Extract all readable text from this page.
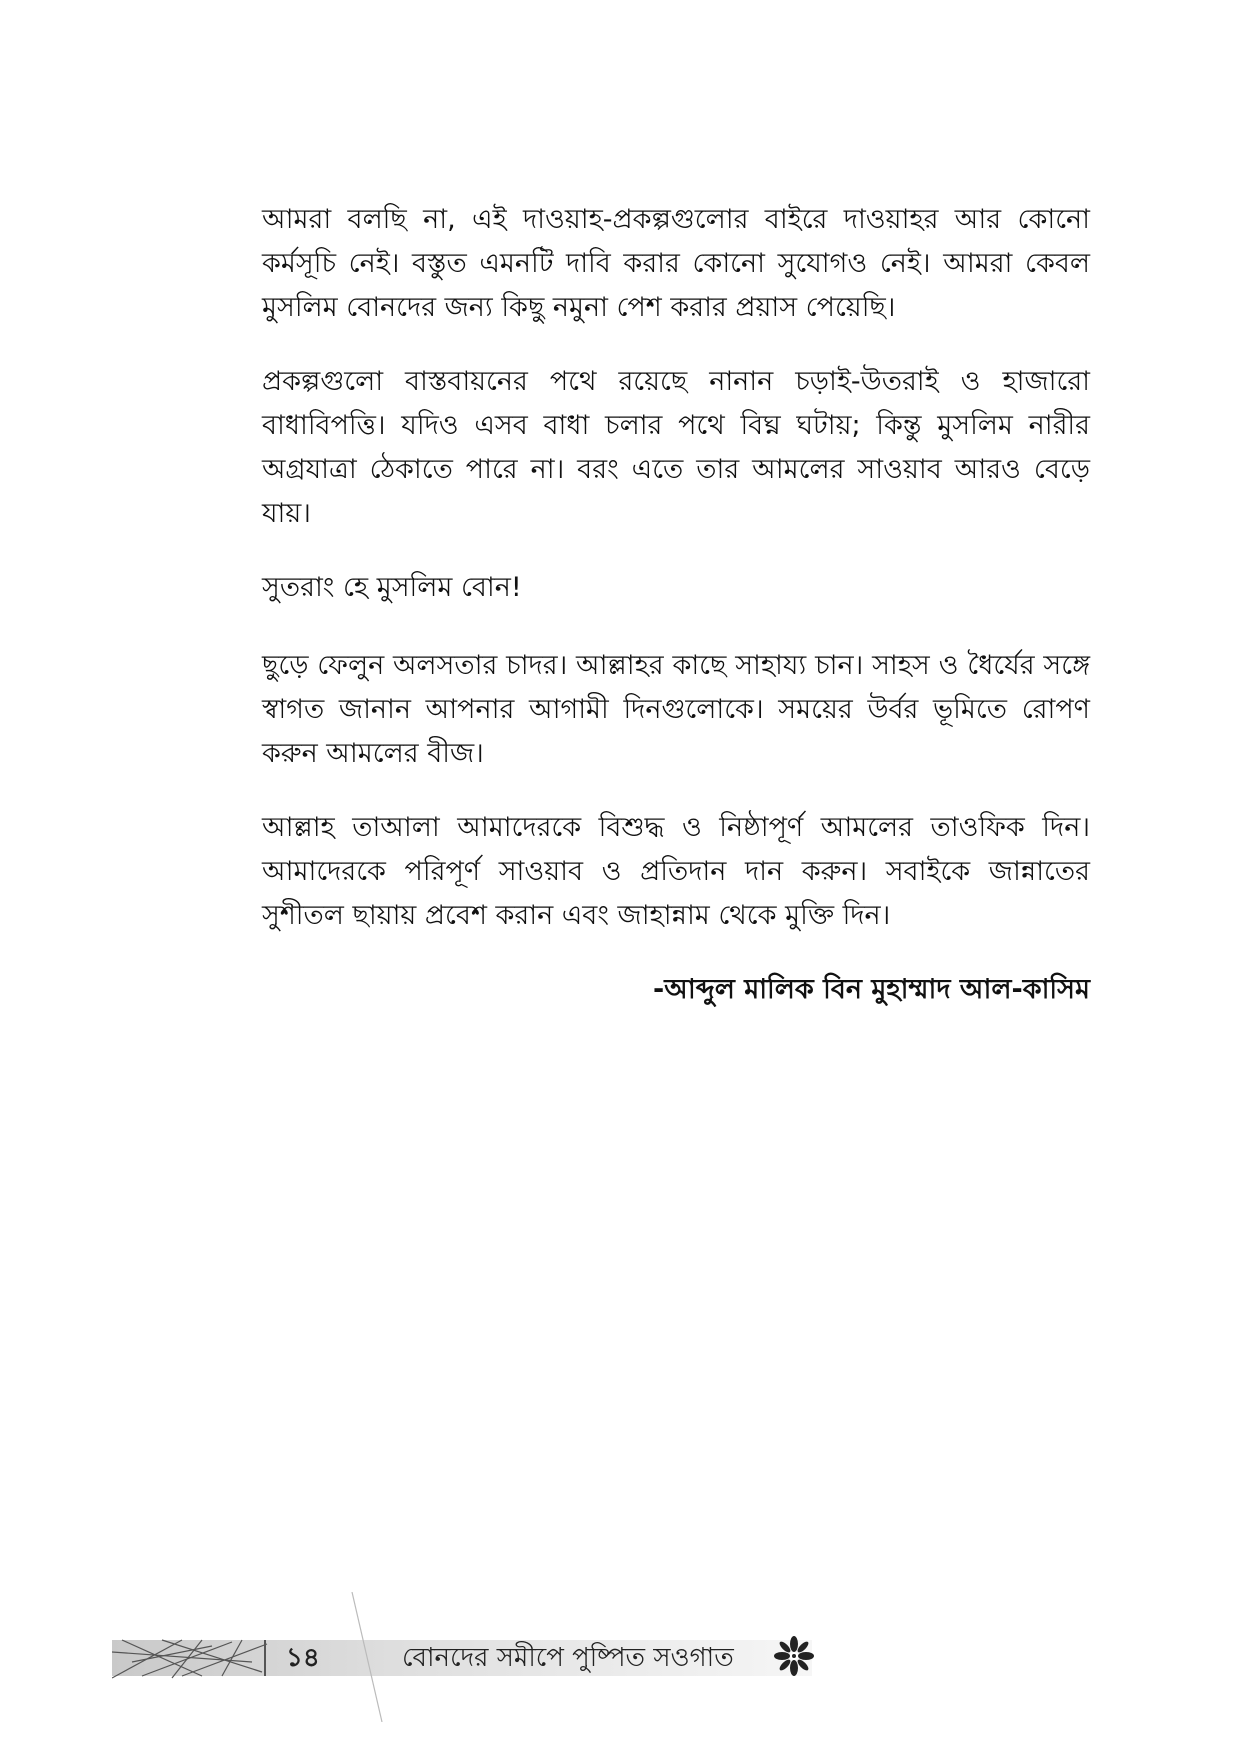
আমরা বলছি না, এই দাওয়াহ-প্রকল্পগুলোর বাইরে দাওয়াহর আর কোনো কর্মসূচি নেই। বস্তুত এমনটি দাবি করার কোনো সুযোগও নেই। আমরা কেবল মুসলিম বোনদের জন্য কিছু নমুনা পেশ করার প্রয়াস পেয়েছি।

প্রকল্পগুলো বাস্তবায়নের পথে রয়েছে নানান চড়াই-উতরাই ও হাজারো বাধাবিপত্তি। যদিও এসব বাধা চলার পথে বিঘ্ন ঘটায়; কিন্তু মুসলিম নারীর অগ্রযাত্রা ঠেকাতে পারে না। বরং এতে তার আমলের সাওয়াব আরও বেড়ে যায়।

সুতরাং হে মুসলিম বোন!

ছুড়ে ফেলুন অলসতার চাদর। আল্লাহর কাছে সাহায্য চান। সাহস ও ধৈর্যের সঙ্গে স্বাগত জানান আপনার আগামী দিনগুলোকে। সময়ের উর্বর ভূমিতে রোপণ করুন আমলের বীজ।

আল্লাহ তাআলা আমাদেরকে বিশুদ্ধ ও নিষ্ঠাপূর্ণ আমলের তাওফিক দিন। আমাদেরকে পরিপূর্ণ সাওয়াব ও প্রতিদান দান করুন। সবাইকে জান্নাতের সুশীতল ছায়ায় প্রবেশ করান এবং জাহান্নাম থেকে মুক্তি দিন।

-আব্দুল মালিক বিন মুহাম্মাদ আল-কাসিম

১৪	বোনদের সমীপে পুষ্পিত সওগাত
